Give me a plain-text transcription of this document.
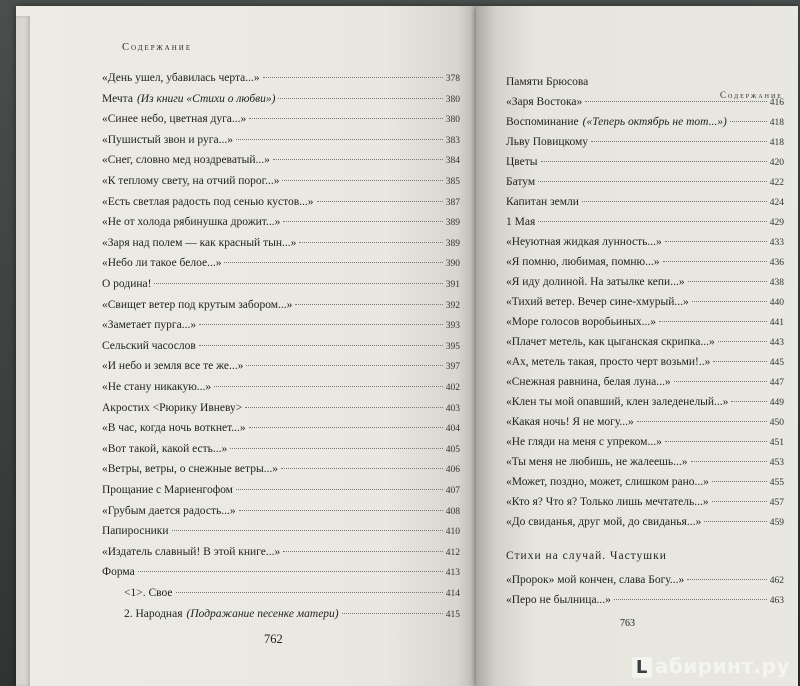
Содержание
«День ушел, убавилась черта...»	378
Мечта (Из книги «Стихи о любви»)	380
«Синее небо, цветная дуга...»	380
«Пушистый звон и руга...»	383
«Снег, словно мед ноздреватый...»	384
«К теплому свету, на отчий порог...»	385
«Есть светлая радость под сенью кустов...»	387
«Не от холода рябинушка дрожит...»	389
«Заря над полем — как красный тын...»	389
«Небо ли такое белое...»	390
О родина!	391
«Свищет ветер под крутым забором...»	392
«Заметает пурга...»	393
Сельский часослов	395
«И небо и земля все те же...»	397
«Не стану никакую...»	402
Акростих <Рюрику Ивневу>	403
«В час, когда ночь воткнет...»	404
«Вот такой, какой есть...»	405
«Ветры, ветры, о снежные ветры...»	406
Прощание с Мариенгофом	407
«Грубым дается радость...»	408
Папиросники	410
«Издатель славный! В этой книге...»	412
Форма	413
<1>. Свое	414
2. Народная (Подражание песенке матери)	415
762
Содержание
Памяти Брюсова
«Заря Востока»	416
Воспоминание («Теперь октябрь не тот...»)	418
Льву Повицкому	418
Цветы	420
Батум	422
Капитан земли	424
1 Мая	429
«Неуютная жидкая лунность...»	433
«Я помню, любимая, помню...»	436
«Я иду долиной. На затылке кепи...»	438
«Тихий ветер. Вечер сине-хмурый...»	440
«Море голосов воробьиных...»	441
«Плачет метель, как цыганская скрипка...»	443
«Ах, метель такая, просто черт возьми!..»	445
«Снежная равнина, белая луна...»	447
«Клен ты мой опавший, клен заледенелый...»	449
«Какая ночь! Я не могу...»	450
«Не гляди на меня с упреком...»	451
«Ты меня не любишь, не жалеешь...»	453
«Может, поздно, может, слишком рано...»	455
«Кто я? Что я? Только лишь мечтатель...»	457
«До свиданья, друг мой, до свиданья...»	459
Стихи на случай. Частушки
«Пророк» мой кончен, слава Богу...»	462
«Перо не былница...»	463
763
L абиринт.ру
